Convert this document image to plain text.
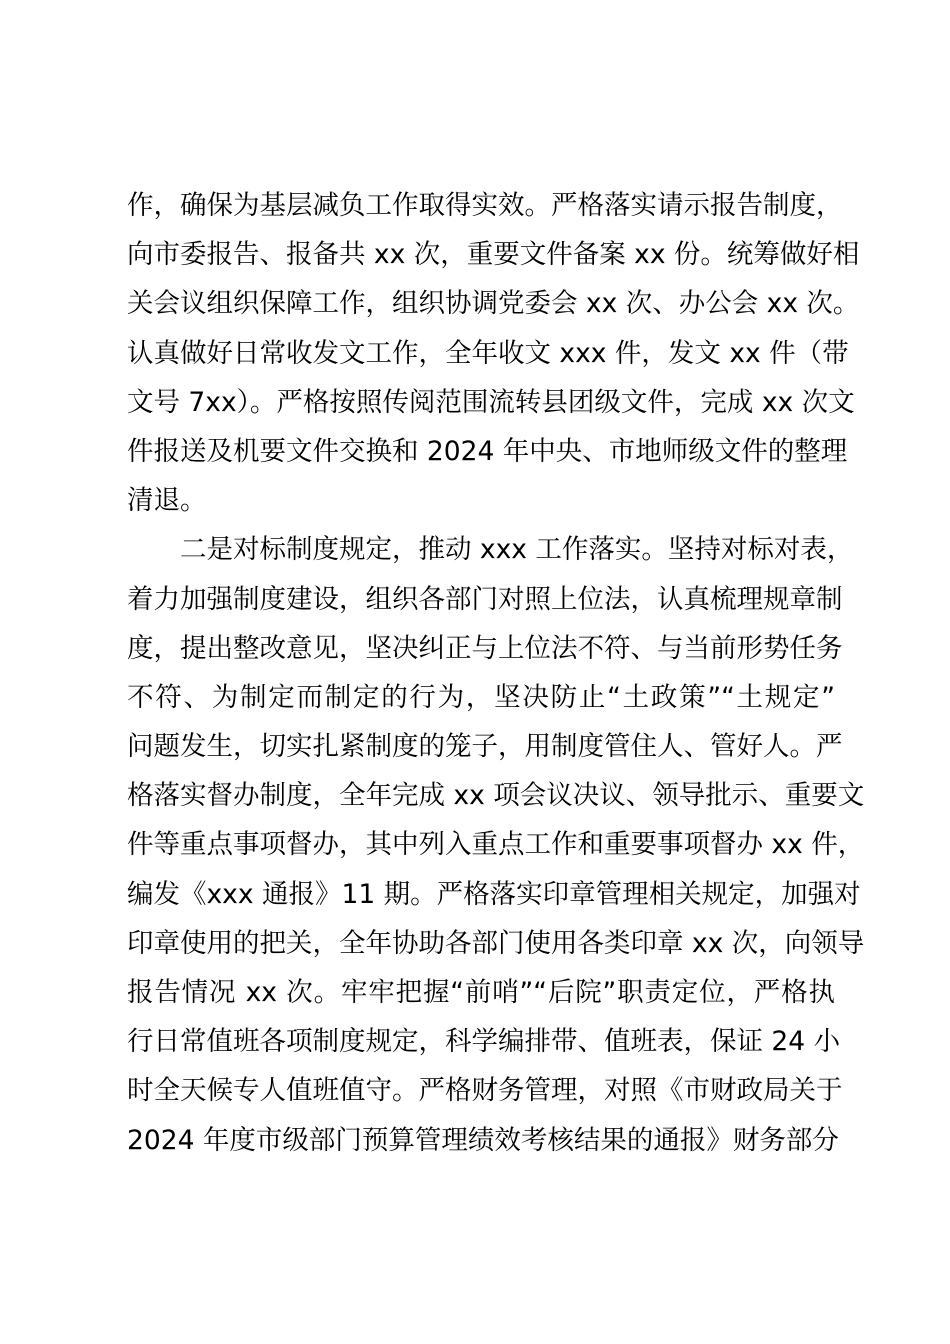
作，确保为基层减负工作取得实效。严格落实请示报告制度，
向市委报告、报备共 xx 次，重要文件备案 xx 份。统筹做好相
关会议组织保障工作，组织协调党委会 xx 次、办公会 xx 次。
认真做好日常收发文工作，全年收文 xxx 件，发文 xx 件（带
文号 7xx）。严格按照传阅范围流转县团级文件，完成 xx 次文
件报送及机要文件交换和 2024 年中央、市地师级文件的整理
清退。
二是对标制度规定，推动 xxx 工作落实。坚持对标对表，
着力加强制度建设，组织各部门对照上位法，认真梳理规章制
度，提出整改意见，坚决纠正与上位法不符、与当前形势任务
不符、为制定而制定的行为，坚决防止“土政策”“土规定”
问题发生，切实扎紧制度的笼子，用制度管住人、管好人。严
格落实督办制度，全年完成 xx 项会议决议、领导批示、重要文
件等重点事项督办，其中列入重点工作和重要事项督办 xx 件，
编发《xxx 通报》11 期。严格落实印章管理相关规定，加强对
印章使用的把关，全年协助各部门使用各类印章 xx 次，向领导
报告情况 xx 次。牢牢把握“前哨”“后院”职责定位，严格执
行日常值班各项制度规定，科学编排带、值班表，保证 24 小
时全天候专人值班值守。严格财务管理，对照《市财政局关于
2024 年度市级部门预算管理绩效考核结果的通报》财务部分
